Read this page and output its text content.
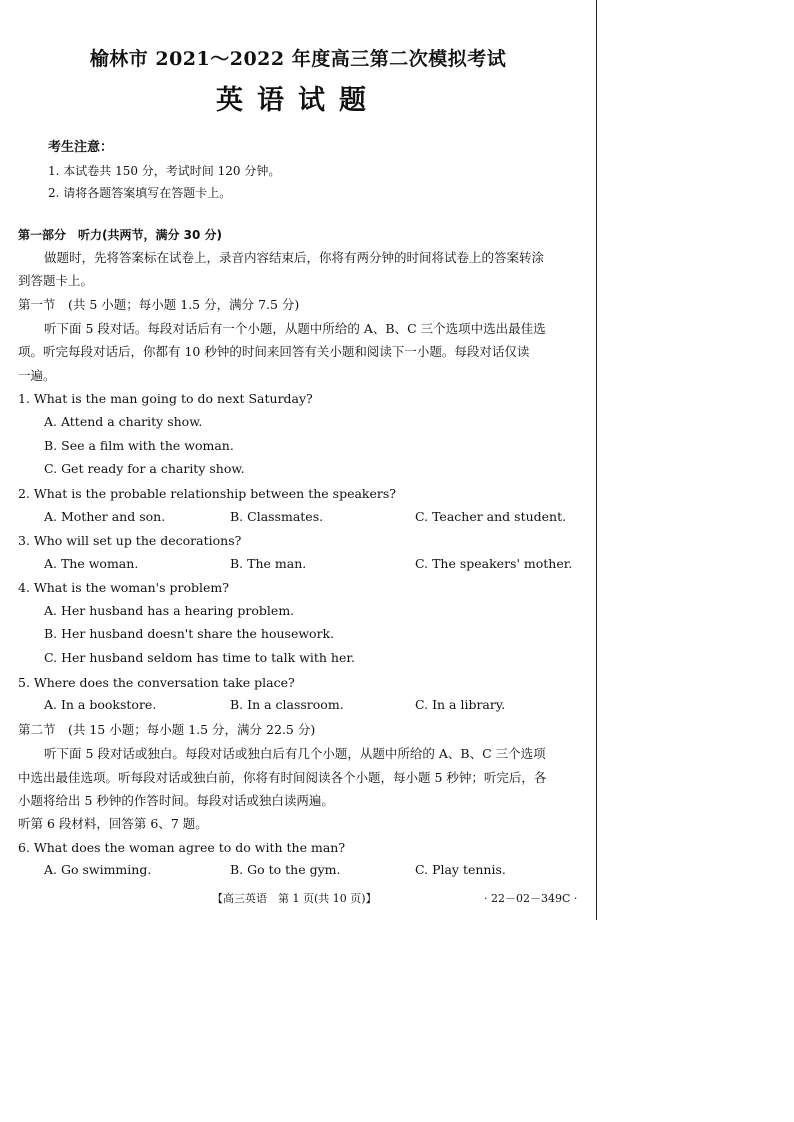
榆林市 2021～2022 年度高三第二次模拟考试
英语试题
考生注意：
1. 本试卷共 150 分，考试时间 120 分钟。
2. 请将各题答案填写在答题卡上。
第一部分　听力(共两节，满分 30 分)
做题时，先将答案标在试卷上，录音内容结束后，你将有两分钟的时间将试卷上的答案转涂
到答题卡上。
第一节　(共 5 小题；每小题 1.5 分，满分 7.5 分)
听下面 5 段对话。每段对话后有一个小题，从题中所给的 A、B、C 三个选项中选出最佳选
项。听完每段对话后，你都有 10 秒钟的时间来回答有关小题和阅读下一小题。每段对话仅读
一遍。
1. What is the man going to do next Saturday?
A. Attend a charity show.
B. See a film with the woman.
C. Get ready for a charity show.
2. What is the probable relationship between the speakers?
A. Mother and son.	B. Classmates.	C. Teacher and student.
3. Who will set up the decorations?
A. The woman.	B. The man.	C. The speakers' mother.
4. What is the woman's problem?
A. Her husband has a hearing problem.
B. Her husband doesn't share the housework.
C. Her husband seldom has time to talk with her.
5. Where does the conversation take place?
A. In a bookstore.	B. In a classroom.	C. In a library.
第二节　(共 15 小题；每小题 1.5 分，满分 22.5 分)
听下面 5 段对话或独白。每段对话或独白后有几个小题，从题中所给的 A、B、C 三个选项
中选出最佳选项。听每段对话或独白前，你将有时间阅读各个小题，每小题 5 秒钟；听完后，各
小题将给出 5 秒钟的作答时间。每段对话或独白读两遍。
听第 6 段材料，回答第 6、7 题。
6. What does the woman agree to do with the man?
A. Go swimming.	B. Go to the gym.	C. Play tennis.
【高三英语　第 1 页(共 10 页)】	· 22－02－349C ·
